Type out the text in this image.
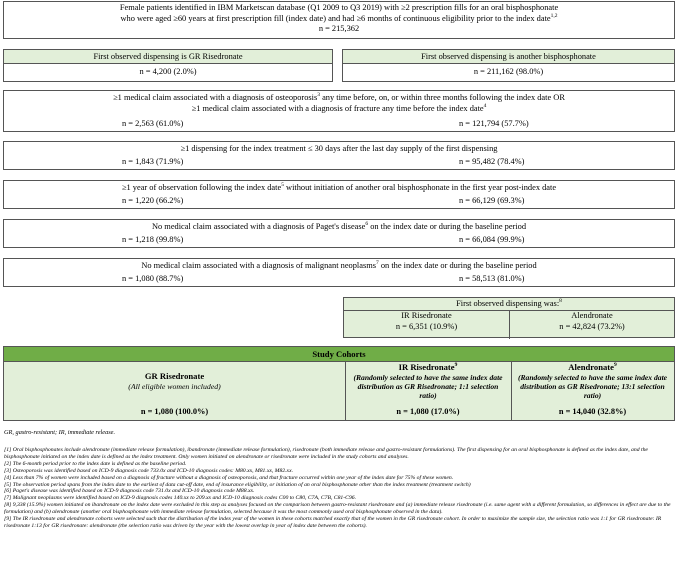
Female patients identified in IBM Marketscan database (Q1 2009 to Q3 2019) with ≥2 prescription fills for an oral bisphosphonate
who were aged ≥60 years at first prescription fill (index date) and had ≥6 months of continuous eligibility prior to the index date$^{1,2}$
n = 215,362
First observed dispensing is GR Risedronate
n = 4,200 (2.0%)
First observed dispensing is another bisphosphonate
n = 211,162 (98.0%)
≥1 medical claim associated with a diagnosis of osteoporosis$^3$ any time before, on, or within three months following the index date OR
≥1 medical claim associated with a diagnosis of fracture any time before the index date$^4$
n = 2,563 (61.0%)	n = 121,794 (57.7%)
≥1 dispensing for the index treatment ≤ 30 days after the last day supply of the first dispensing
n = 1,843 (71.9%)	n = 95,482 (78.4%)
≥1 year of observation following the index date$^5$ without initiation of another oral bisphosphonate in the first year post-index date
n = 1,220 (66.2%)	n = 66,129 (69.3%)
No medical claim associated with a diagnosis of Paget's disease$^6$ on the index date or during the baseline period
n = 1,218 (99.8%)	n = 66,084 (99.9%)
No medical claim associated with a diagnosis of malignant neoplasms$^7$ on the index date or during the baseline period
n = 1,080 (88.7%)	n = 58,513 (81.0%)
First observed dispensing was:$^8$
IR Risedronate
n = 6,351 (10.9%)
Alendronate
n = 42,824 (73.2%)
Study Cohorts
GR Risedronate
(All eligible women included)
n = 1,080 (100.0%)
IR Risedronate$^9$
(Randomly selected to have the same index date distribution as GR Risedronate; 1:1 selection ratio)
n = 1,080 (17.0%)
Alendronate$^9$
(Randomly selected to have the same index date distribution as GR Risedronate; 13:1 selection ratio)
n = 14,040 (32.8%)
GR, gastro-resistant; IR, immediate release.

[1] Oral bisphosphonates include alendronate (immediate release formulation), ibandronate (immediate release formulation), risedronate (both immediate release and gastro-resistant formulations). The first dispensing for an oral bisphosphonate is defined as the index date, and the bisphosphonate initiated on the index date is defined as the index treatment. Only women initiated on alendronate or risedronate were included in the study cohorts and analyses.

[2] The 6-month period prior to the index date is defined as the baseline period.

[3] Osteoporosis was identified based on ICD-9 diagnosis code 733.0x and ICD-10 diagnosis codes: M80.xx, M81.xx, M82.xx.

[4] Less than 7% of women were included based on a diagnosis of fracture without a diagnosis of osteoporosis, and that fracture occurred within one year of the index date for 75% of these women.

[5] The observation period spans from the index date to the earliest of data cut-off date, end of insurance eligibility, or initiation of an oral bisphosphonate other than the index treatment (treatment switch)

[6] Paget's disease was identified based on ICD-9 diagnosis code 731.0x and ICD-10 diagnosis code M88.xx.

[7] Malignant neoplasms were identified based on ICD-9 diagnosis codes 140.xx to 209.xx and ICD-10 diagnosis codes C00 to C80, C7A, C7B, C81-C96.

[8] 9,338 (15.9%) women initiated on ibandronate on the index date were excluded in this step as analyses focused on the comparison between gastro-resistant risedronate and (a) immediate release risedronate (i.e. same agent with a different formulation, so differences in effect are due to the formulation) and (b) alendronate (another oral bisphosphonate with immediate release formulation, selected because it was the most commonly used oral bisphosphonate observed in the data).

[9] The IR risedronate and alendronate cohorts were selected such that the distribution of the index year of the women in these cohorts matched exactly that of the women in the GR risedronate cohort. In order to maximize the sample size, the selection ratio was 1:1 for GR risedronate: IR risedronate 1:13 for GR risedronate: alendronate (the selection ratio was driven by the year with the lowest overlap in year of index date between the cohorts).
